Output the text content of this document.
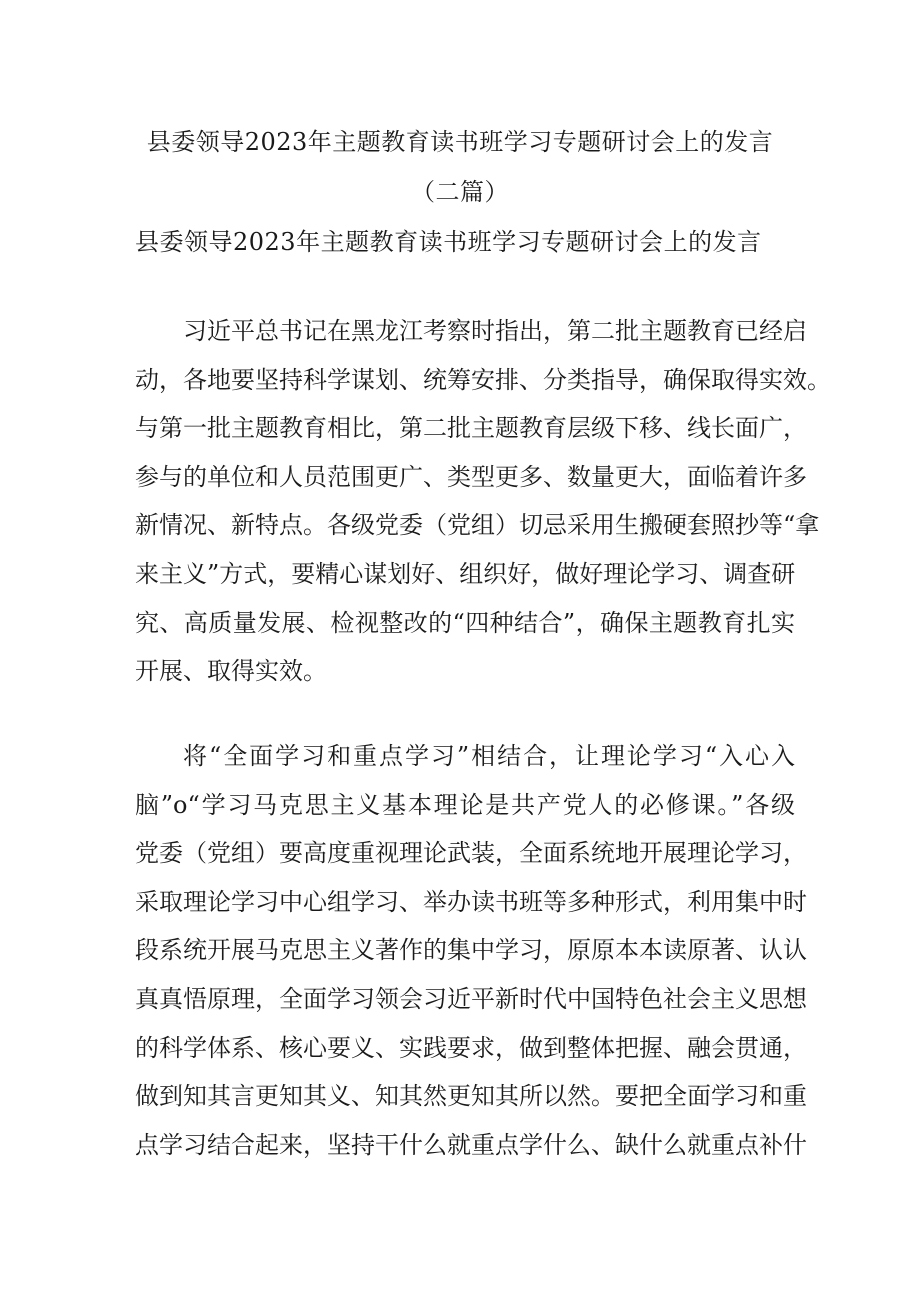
县委领导2023年主题教育读书班学习专题研讨会上的发言
（二篇）
县委领导2023年主题教育读书班学习专题研讨会上的发言
习近平总书记在黑龙江考察时指出，第二批主题教育已经启
动，各地要坚持科学谋划、统筹安排、分类指导，确保取得实效。
与第一批主题教育相比，第二批主题教育层级下移、线长面广，
参与的单位和人员范围更广、类型更多、数量更大，面临着许多
新情况、新特点。各级党委（党组）切忌采用生搬硬套照抄等“拿
来主义”方式，要精心谋划好、组织好，做好理论学习、调查研
究、高质量发展、检视整改的“四种结合”，确保主题教育扎实
开展、取得实效。
将“全面学习和重点学习”相结合，让理论学习“入心入
脑”o“学习马克思主义基本理论是共产党人的必修课。”各级
党委（党组）要高度重视理论武装，全面系统地开展理论学习，
采取理论学习中心组学习、举办读书班等多种形式，利用集中时
段系统开展马克思主义著作的集中学习，原原本本读原著、认认
真真悟原理，全面学习领会习近平新时代中国特色社会主义思想
的科学体系、核心要义、实践要求，做到整体把握、融会贯通，
做到知其言更知其义、知其然更知其所以然。要把全面学习和重
点学习结合起来，坚持干什么就重点学什么、缺什么就重点补什
